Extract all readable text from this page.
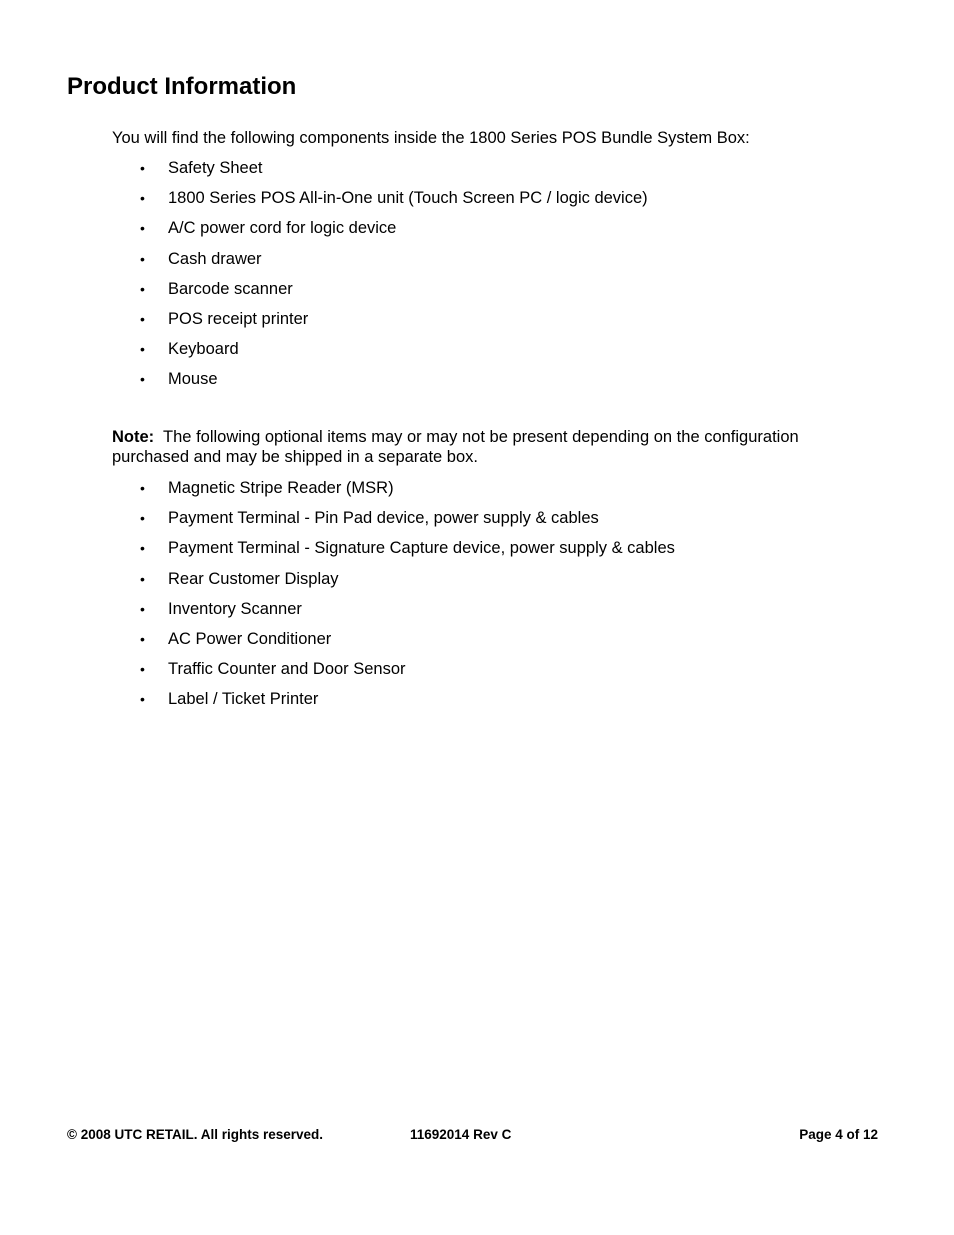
Product Information

You will find the following components inside the 1800 Series POS Bundle System Box:

• Safety Sheet
• 1800 Series POS All-in-One unit (Touch Screen PC / logic device)
• A/C power cord for logic device
• Cash drawer
• Barcode scanner
• POS receipt printer
• Keyboard
• Mouse

Note: The following optional items may or may not be present depending on the configuration purchased and may be shipped in a separate box.

• Magnetic Stripe Reader (MSR)
• Payment Terminal - Pin Pad device, power supply & cables
• Payment Terminal - Signature Capture device, power supply & cables
• Rear Customer Display
• Inventory Scanner
• AC Power Conditioner
• Traffic Counter and Door Sensor
• Label / Ticket Printer
© 2008 UTC RETAIL. All rights reserved.	11692014 Rev C	Page 4 of 12
